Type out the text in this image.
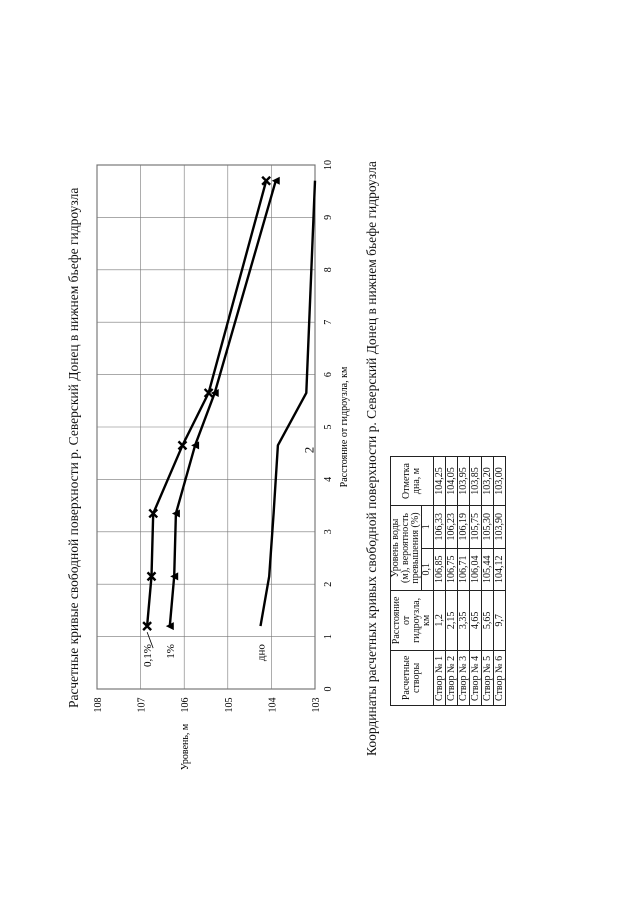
2
Расчетные кривые свободной поверхности р. Северский Донец в нижнем бьефе гидроузла	0
1
2
3
4
5
6
7
8
9
10
103
104
105
106
107
108
Расстояние от гидроузла, км
Уровень, м
0,1% 1%	дно	Координаты расчетных кривых свободной поверхности р. Северский Донец в нижнем бьефе гидроузла Расчетные створы	Расстояние от гидроузла, км	Уровень воды (м), вероятность превышения (%)		Отметка дна, м
		0,1	1	
Створ № 1	1,2	106,85	106,33	104,25
Створ № 2	2,15	106,75	106,23	104,05
Створ № 3	3,35	106,71	106,19	103,95
Створ № 4	4,65	106,04	105,75	103,85
Створ № 5	5,65	105,44	105,30	103,20
Створ № 6	9,7	104,12	103,90	103,00
